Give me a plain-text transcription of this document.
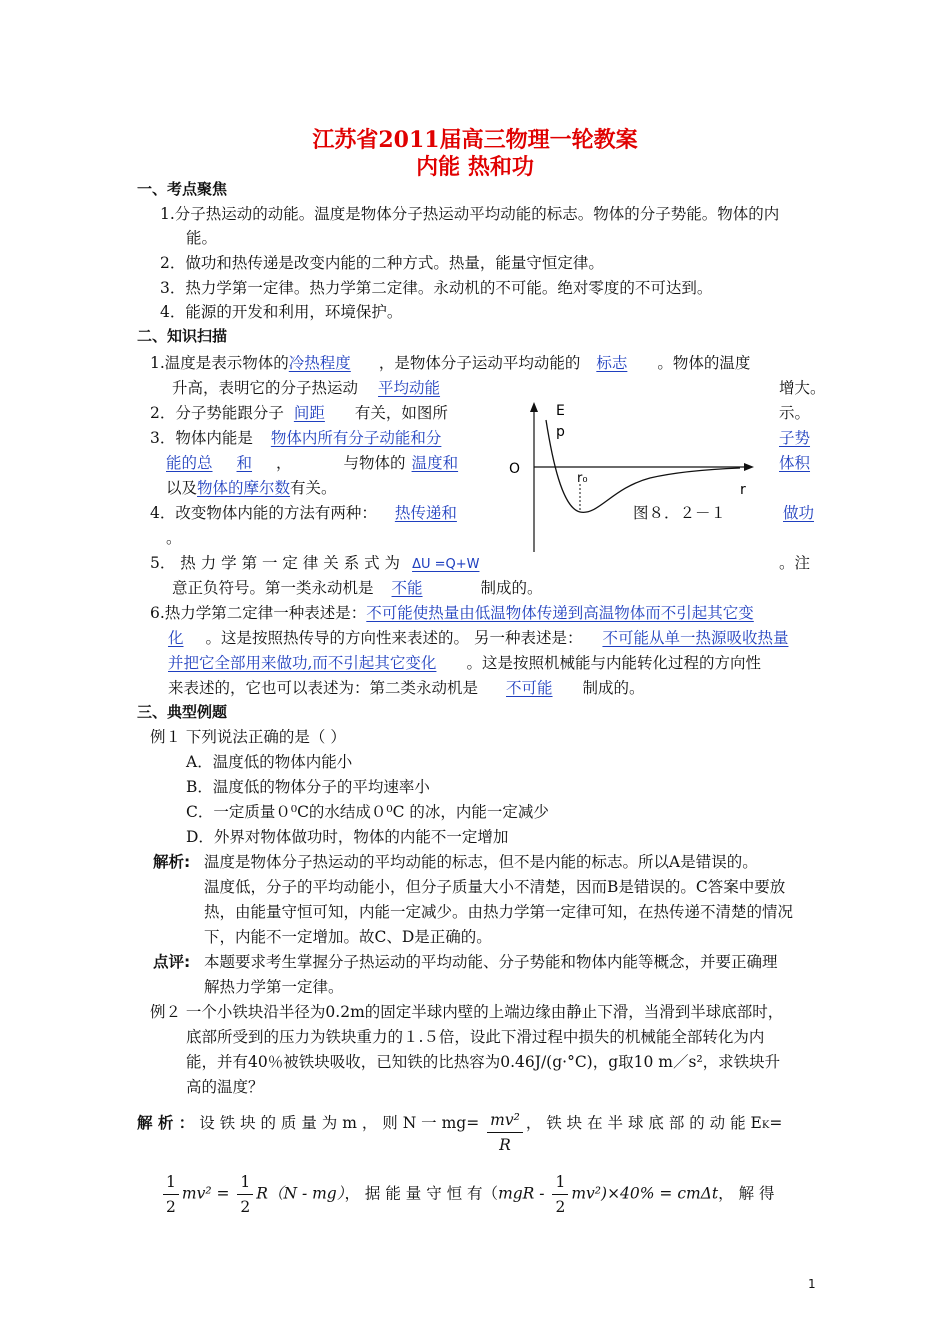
江苏省2011届高三物理一轮教案
内能 热和功
一、考点聚焦
1.分子热运动的动能。温度是物体分子热运动平均动能的标志。物体的分子势能。物体的内
能。
2．做功和热传递是改变内能的二种方式。热量，能量守恒定律。
3．热力学第一定律。热力学第二定律。永动机的不可能。绝对零度的不可达到。
4．能源的开发和利用，环境保护。
二、知识扫描
1.温度是表示物体的冷热程度 ，是物体分子运动平均动能的 标志 。物体的温度
升高，表明它的分子热运动 平均动能	增大。
2．分子势能跟分子 间距 有关，如图所	示。
3．物体内能是 物体内所有分子动能和分	子势
能的总 和 ，	与物体的 温度和	体积
以及物体的摩尔数有关。
4．改变物体内能的方法有两种： 热传递和	图８．２－１	做功
。
5． 热 力 学 第 一 定 律 关 系 式 为 ΔU =Q+W	。注
意正负符号。第一类永动机是 不能	制成的。
6.热力学第二定律一种表述是：不可能使热量由低温物体传递到高温物体而不引起其它变
化 。这是按照热传导的方向性来表述的。 另一种表述是： 不可能从单一热源吸收热量
并把它全部用来做功,而不引起其它变化 。这是按照机械能与内能转化过程的方向性
来表述的，它也可以表述为：第二类永动机是 不可能 制成的。
E
p
O
r₀
r
三、典型例题
例１ 下列说法正确的是（ ）
A．温度低的物体内能小
B．温度低的物体分子的平均速率小
C．一定质量０⁰C的水结成０⁰C 的冰，内能一定减少
D．外界对物体做功时，物体的内能不一定增加
解析: 温度是物体分子热运动的平均动能的标志，但不是内能的标志。所以A是错误的。
温度低，分子的平均动能小，但分子质量大小不清楚，因而B是错误的。C答案中要放
热，由能量守恒可知，内能一定减少。由热力学第一定律可知，在热传递不清楚的情况
下，内能不一定增加。故C、D是正确的。
点评: 本题要求考生掌握分子热运动的平均动能、分子势能和物体内能等概念，并要正确理
解热力学第一定律。
例２ 一个小铁块沿半径为0.2m的固定半球内壁的上端边缘由静止下滑，当滑到半球底部时，
底部所受到的压力为铁块重力的１.５倍，设此下滑过程中损失的机械能全部转化为内
能，并有40％被铁块吸收，已知铁的比热容为0.46J/(g·°C)，g取10 m／s²，求铁块升
高的温度？
解 析 ： 设 铁 块 的 质 量 为 m ， 则 N 一 $mg= \frac{\text{mv²}}{R}$ ， 铁 块 在 半 球 底 部 的 动 能 EK=
$\frac{1}{2} mv^2 = \frac{1}{2} R(N - mg)$， 据 能 量 守 恒 有$(mgR - \frac{1}{2} mv^2)\times 40\% = cm\Delta t$， 解 得
1
